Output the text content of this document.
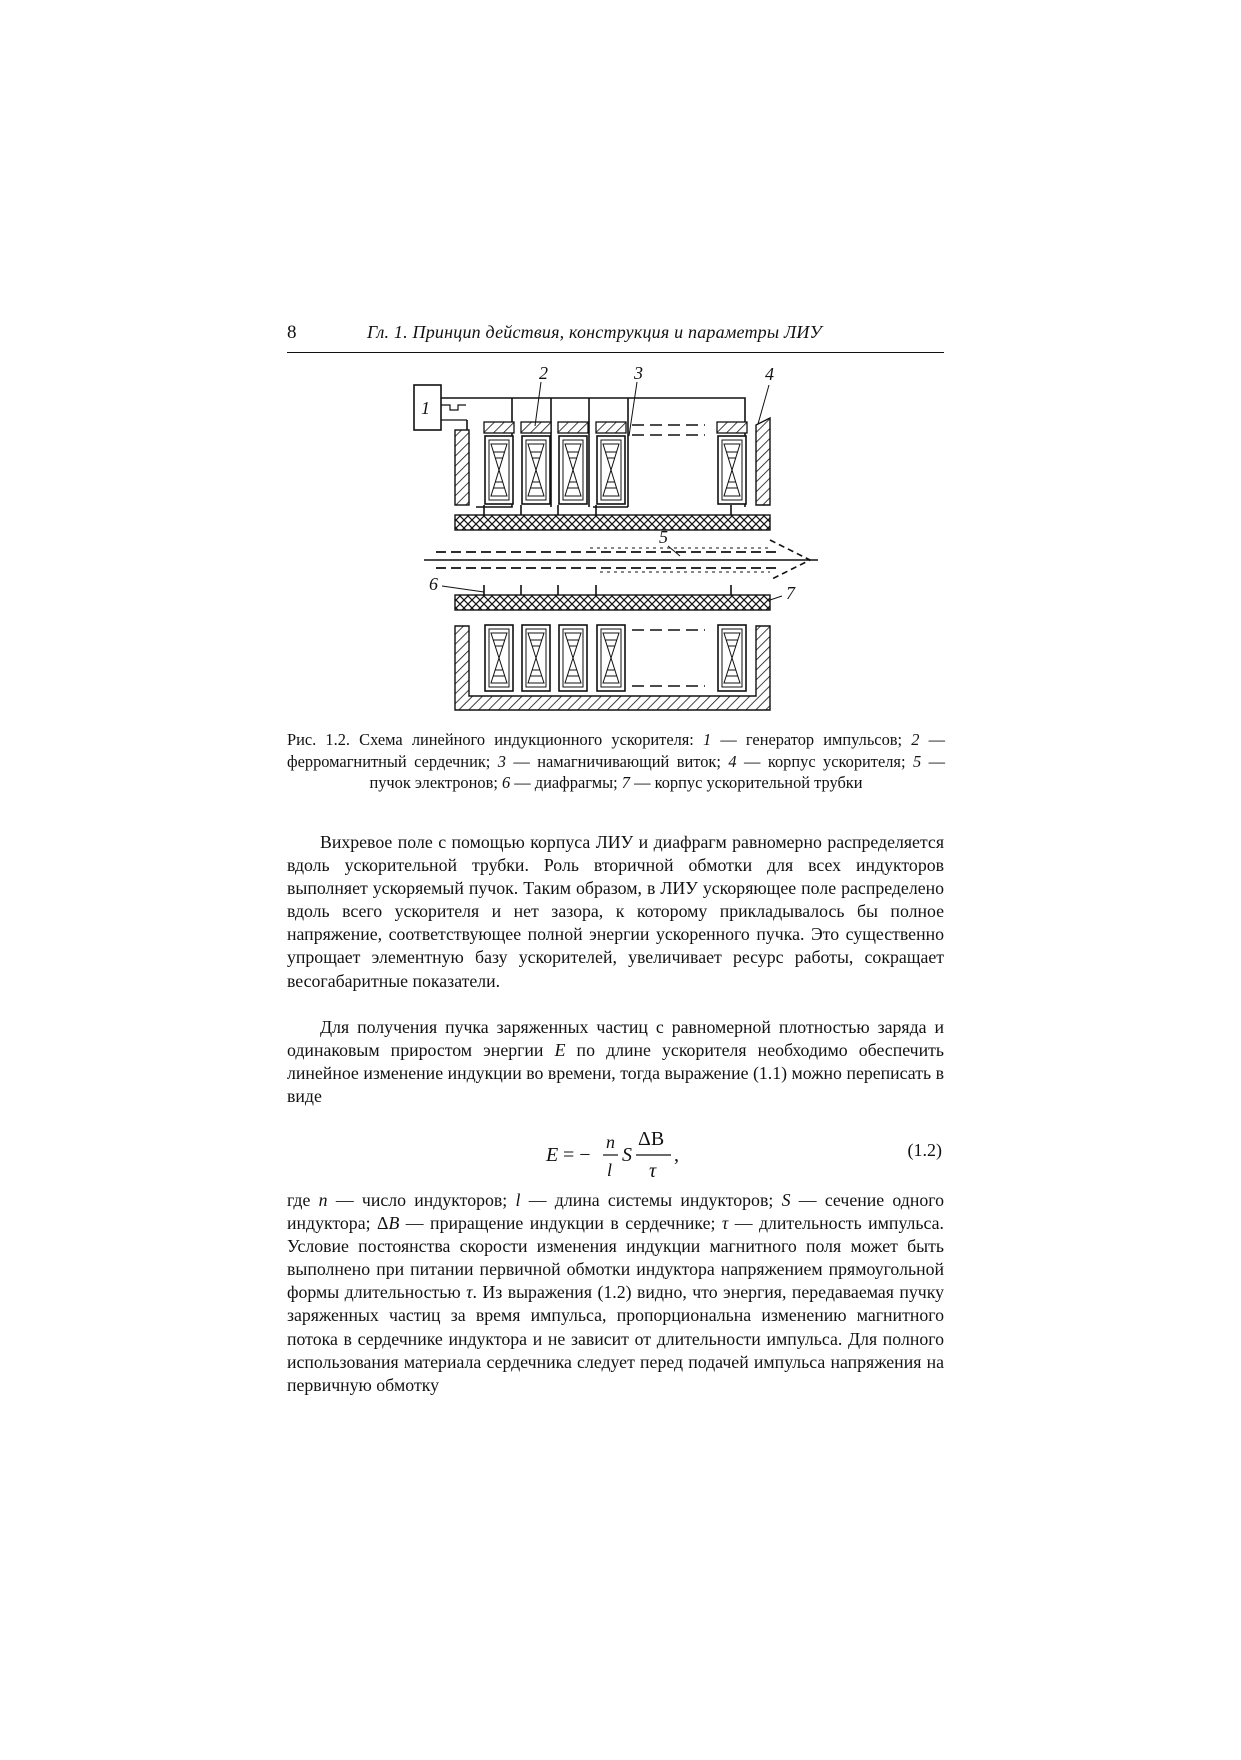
8	Гл. 1. Принцип действия, конструкция и параметры ЛИУ
1
2	3	4
5
6	7
Рис. 1.2. Схема линейного индукционного ускорителя: 1 — генератор импульсов; 2 — ферромагнитный сердечник; 3 — намагничивающий виток; 4 — корпус ускорителя; 5 — пучок электронов; 6 — диафрагмы; 7 — корпус ускорительной трубки

Вихревое поле с помощью корпуса ЛИУ и диафрагм равномерно распределяется вдоль ускорительной трубки. Роль вторичной обмотки для всех индукторов выполняет ускоряемый пучок. Таким образом, в ЛИУ ускоряющее поле распределено вдоль всего ускорителя и нет зазора, к которому прикладывалось бы полное напряжение, соответствующее полной энергии ускоренного пучка. Это существенно упрощает элементную базу ускорителей, увеличивает ресурс работы, сокращает весогабаритные показатели.

Для получения пучка заряженных частиц с равномерной плотностью заряда и одинаковым приростом энергии E по длине ускорителя необходимо обеспечить линейное изменение индукции во времени, тогда выражение (1.1) можно переписать в виде

E = −
n
l
S
ΔB
τ
,	(1.2)

где n — число индукторов; l — длина системы индукторов; S — сечение одного индуктора; ΔB — приращение индукции в сердечнике; τ — длительность импульса. Условие постоянства скорости изменения индукции магнитного поля может быть выполнено при питании первичной обмотки индуктора напряжением прямоугольной формы длительностью τ. Из выражения (1.2) видно, что энергия, передаваемая пучку заряженных частиц за время импульса, пропорциональна изменению магнитного потока в сердечнике индуктора и не зависит от длительности импульса. Для полного использования материала сердечника следует перед подачей импульса напряжения на первичную обмотку
